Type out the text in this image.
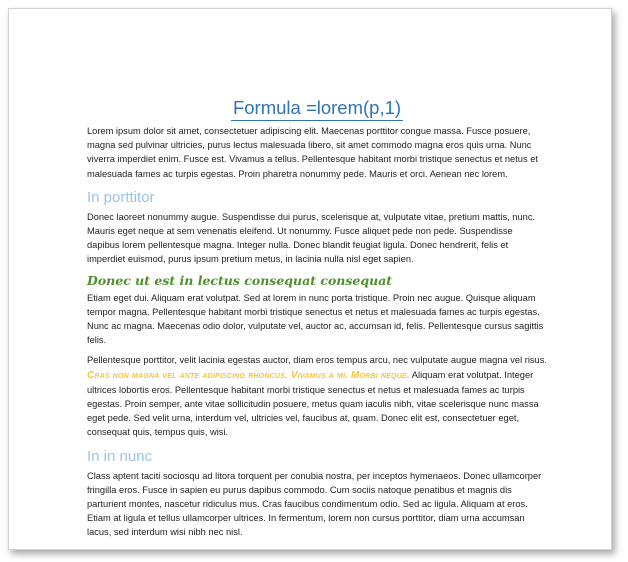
Formula =lorem(p,1)

Lorem ipsum dolor sit amet, consectetuer adipiscing elit. Maecenas porttitor congue massa. Fusce posuere, magna sed pulvinar ultricies, purus lectus malesuada libero, sit amet commodo magna eros quis urna. Nunc viverra imperdiet enim. Fusce est. Vivamus a tellus. Pellentesque habitant morbi tristique senectus et netus et malesuada fames ac turpis egestas. Proin pharetra nonummy pede. Mauris et orci. Aenean nec lorem.

In porttitor

Donec laoreet nonummy augue. Suspendisse dui purus, scelerisque at, vulputate vitae, pretium mattis, nunc. Mauris eget neque at sem venenatis eleifend. Ut nonummy. Fusce aliquet pede non pede. Suspendisse dapibus lorem pellentesque magna. Integer nulla. Donec blandit feugiat ligula. Donec hendrerit, felis et imperdiet euismod, purus ipsum pretium metus, in lacinia nulla nisl eget sapien.

Donec ut est in lectus consequat consequat

Etiam eget dui. Aliquam erat volutpat. Sed at lorem in nunc porta tristique. Proin nec augue. Quisque aliquam tempor magna. Pellentesque habitant morbi tristique senectus et netus et malesuada fames ac turpis egestas. Nunc ac magna. Maecenas odio dolor, vulputate vel, auctor ac, accumsan id, felis. Pellentesque cursus sagittis felis.

Pellentesque porttitor, velit lacinia egestas auctor, diam eros tempus arcu, nec vulputate augue magna vel risus. Cras non magna vel ante adipiscing rhoncus. Vivamus a mi. Morbi neque. Aliquam erat volutpat. Integer ultrices lobortis eros. Pellentesque habitant morbi tristique senectus et netus et malesuada fames ac turpis egestas. Proin semper, ante vitae sollicitudin posuere, metus quam iaculis nibh, vitae scelerisque nunc massa eget pede. Sed velit urna, interdum vel, ultricies vel, faucibus at, quam. Donec elit est, consectetuer eget, consequat quis, tempus quis, wisi.

In in nunc

Class aptent taciti sociosqu ad litora torquent per conubia nostra, per inceptos hymenaeos. Donec ullamcorper fringilla eros. Fusce in sapien eu purus dapibus commodo. Cum sociis natoque penatibus et magnis dis parturient montes, nascetur ridiculus mus. Cras faucibus condimentum odio. Sed ac ligula. Aliquam at eros. Etiam at ligula et tellus ullamcorper ultrices. In fermentum, lorem non cursus porttitor, diam urna accumsan lacus, sed interdum wisi nibh nec nisl.
